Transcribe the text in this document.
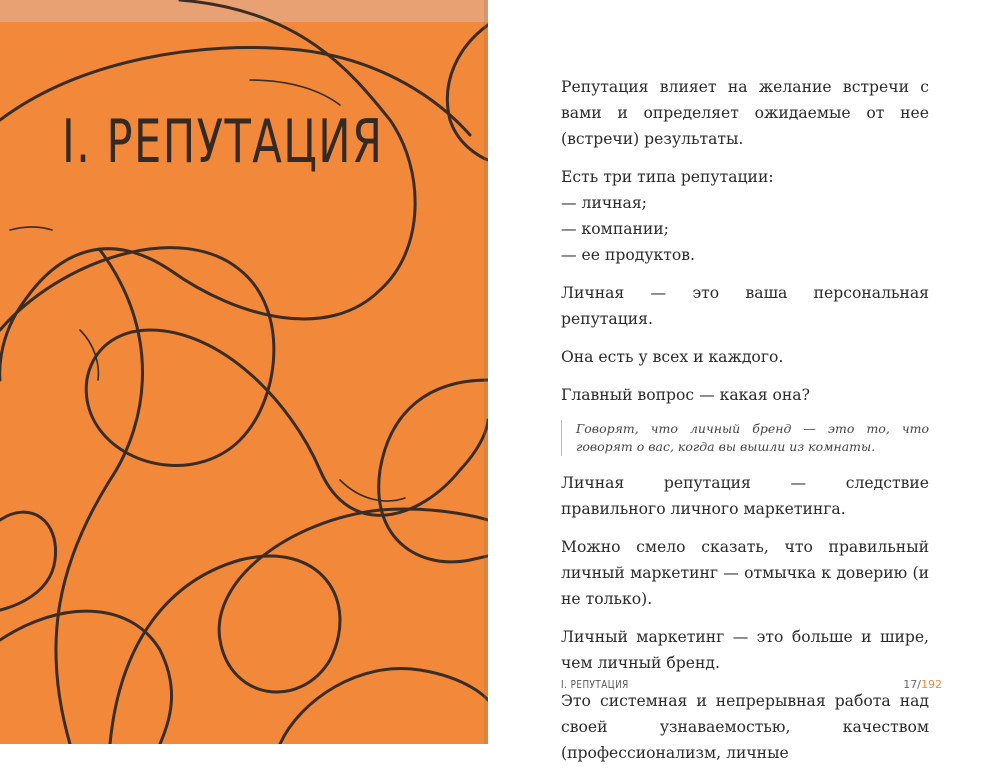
I. РЕПУТАЦИЯ

Репутация влияет на желание встречи с вами и определяет ожидаемые от нее (встречи) результаты.

Есть три типа репутации:

— личная;
— компании;
— ее продуктов.

Личная — это ваша персональная репутация.

Она есть у всех и каждого.

Главный вопрос — какая она?

Говорят, что личный бренд — это то, что говорят о вас, когда вы вышли из комнаты.

Личная репутация — следствие правильного личного маркетинга.

Можно смело сказать, что правильный личный маркетинг — отмычка к доверию (и не только).

Личный маркетинг — это больше и шире, чем личный бренд.

Это системная и непрерывная работа над своей узнаваемостью, качеством (профессионализм, личные

I. РЕПУТАЦИЯ	17/192
